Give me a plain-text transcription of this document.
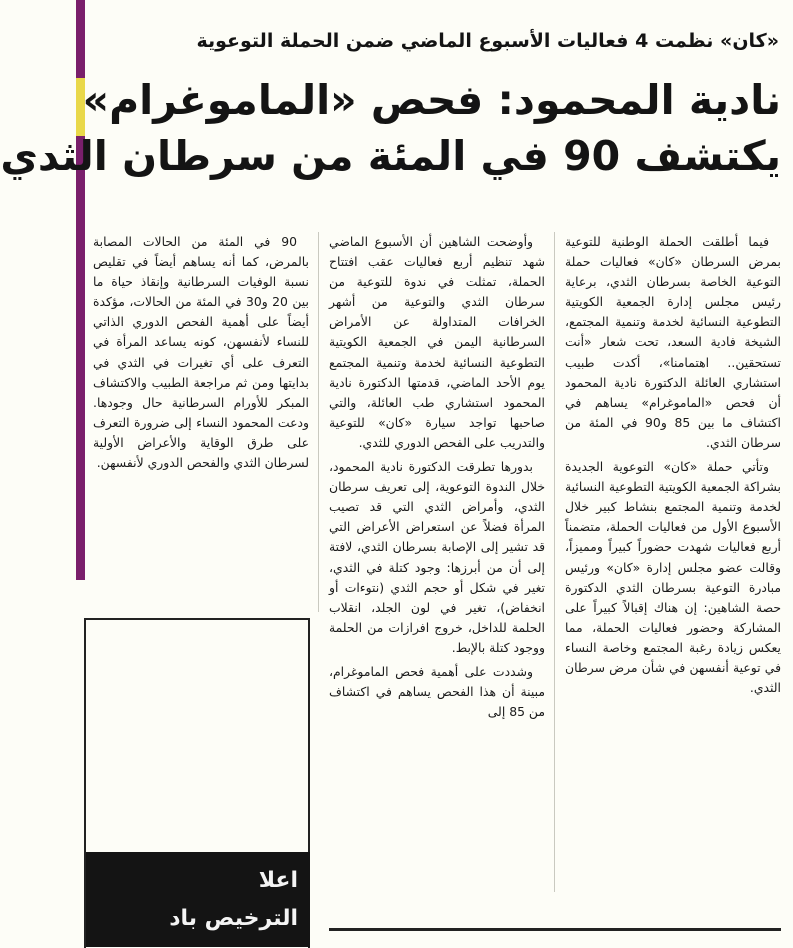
«كان» نظمت 4 فعاليات الأسبوع الماضي ضمن الحملة التوعوية
نادية المحمود: فحص «الماموغرام»
يكتشف 90 في المئة من سرطان الثدي

فيما أطلقت الحملة الوطنية للتوعية بمرض السرطان «كان» فعاليات حملة التوعية الخاصة بسرطان الثدي، برعاية رئيس مجلس إدارة الجمعية الكويتية التطوعية النسائية لخدمة وتنمية المجتمع، الشيخة فادية السعد، تحت شعار «أنت تستحقين.. اهتمامنا»، أكدت طبيب استشاري العائلة الدكتورة نادية المحمود أن فحص «الماموغرام» يساهم في اكتشاف ما بين 85 و90 في المئة من سرطان الثدي.

وتأتي حملة «كان» التوعوية الجديدة بشراكة الجمعية الكويتية التطوعية النسائية لخدمة وتنمية المجتمع بنشاط كبير خلال الأسبوع الأول من فعاليات الحملة، متضمناً أربع فعاليات شهدت حضوراً كبيراً ومميزاً، وقالت عضو مجلس إدارة «كان» ورئيس مبادرة التوعية بسرطان الثدي الدكتورة حصة الشاهين: إن هناك إقبالاً كبيراً على المشاركة وحضور فعاليات الحملة، مما يعكس زيادة رغبة المجتمع وخاصة النساء في توعية أنفسهن في شأن مرض سرطان الثدي.

وأوضحت الشاهين أن الأسبوع الماضي شهد تنظيم أربع فعاليات عقب افتتاح الحملة، تمثلت في ندوة للتوعية من سرطان الثدي والتوعية من أشهر الخرافات المتداولة عن الأمراض السرطانية اليمن في الجمعية الكويتية التطوعية النسائية لخدمة وتنمية المجتمع يوم الأحد الماضي، قدمتها الدكتورة نادية المحمود استشاري طب العائلة، والتي صاحبها تواجد سيارة «كان» للتوعية والتدريب على الفحص الدوري للثدي.

بدورها تطرقت الدكتورة نادية المحمود، خلال الندوة التوعوية، إلى تعريف سرطان الثدي، وأمراض الثدي التي قد تصيب المرأة فضلاً عن استعراض الأعراض التي قد تشير إلى الإصابة بسرطان الثدي، لافتة إلى أن من أبرزها: وجود كتلة في الثدي، تغير في شكل أو حجم الثدي (نتوءات أو انخفاض)، تغير في لون الجلد، انقلاب الحلمة للداخل، خروج افرازات من الحلمة ووجود كتلة بالإبط.

وشددت على أهمية فحص الماموغرام، مبينة أن هذا الفحص يساهم في اكتشاف من 85 إلى

90 في المئة من الحالات المصابة بالمرض، كما أنه يساهم أيضاً في تقليص نسبة الوفيات السرطانية وإنقاذ حياة ما بين 20 و30 في المئة من الحالات، مؤكدة أيضاً على أهمية الفحص الدوري الذاتي للنساء لأنفسهن، كونه يساعد المرأة في التعرف على أي تغيرات في الثدي في بدايتها ومن ثم مراجعة الطبيب والاكتشاف المبكر للأورام السرطانية حال وجودها. ودعت المحمود النساء إلى ضرورة التعرف على طرق الوقاية والأعراض الأولية لسرطان الثدي والفحص الدوري لأنفسهن.

اعلا
الترخيص باد
